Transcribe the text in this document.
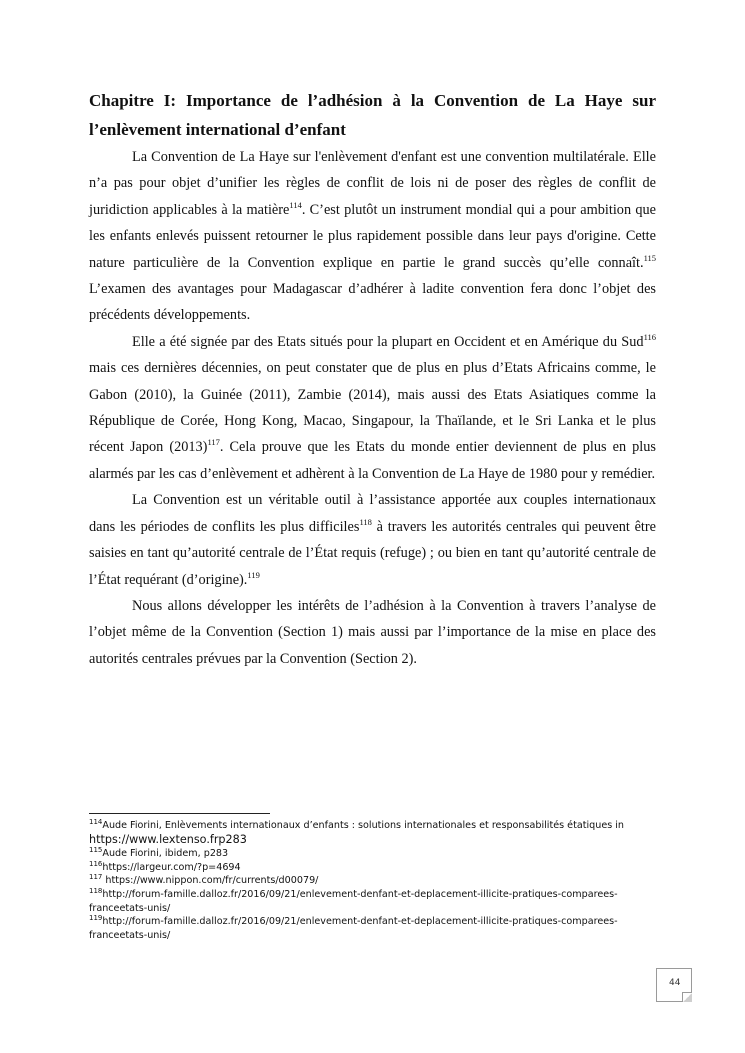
Chapitre I: Importance de l’adhésion à la Convention de La Haye sur l’enlèvement international d’enfant

La Convention de La Haye sur l'enlèvement d'enfant est une convention multilatérale. Elle n’a pas pour objet d’unifier les règles de conflit de lois ni de poser des règles de conflit de juridiction applicables à la matière$^{114}$. C’est plutôt un instrument mondial qui a pour ambition que les enfants enlevés puissent retourner le plus rapidement possible dans leur pays d'origine. Cette nature particulière de la Convention explique en partie le grand succès qu’elle connaît.$^{115}$ L’examen des avantages pour Madagascar d’adhérer à ladite convention fera donc l’objet des précédents développements.

Elle a été signée par des Etats situés pour la plupart en Occident et en Amérique du Sud$^{116}$ mais ces dernières décennies, on peut constater que de plus en plus d’Etats Africains comme, le Gabon (2010), la Guinée (2011), Zambie (2014), mais aussi des Etats Asiatiques comme la République de Corée, Hong Kong, Macao, Singapour, la Thaïlande, et le Sri Lanka et le plus récent Japon $(2013)^{117}$. Cela prouve que les Etats du monde entier deviennent de plus en plus alarmés par les cas d’enlèvement et adhèrent à la Convention de La Haye de 1980 pour y remédier.

La Convention est un véritable outil à l’assistance apportée aux couples internationaux dans les périodes de conflits les plus difficiles$^{118}$ à travers les autorités centrales qui peuvent être saisies en tant qu’autorité centrale de l’État requis (refuge) ; ou bien en tant qu’autorité centrale de l’État requérant (d’origine).$^{119}$

Nous allons développer les intérêts de l’adhésion à la Convention à travers l’analyse de l’objet même de la Convention (Section 1) mais aussi par l’importance de la mise en place des autorités centrales prévues par la Convention (Section 2).

$^{114}$Aude Fiorini, Enlèvements internationaux d’enfants : solutions internationales et responsabilités étatiques in https://www.lextenso.frp283

$^{115}$Aude Fiorini, ibidem, p283

$^{116}$https://largeur.com/?p=4694

$^{117}$ https://www.nippon.com/fr/currents/d00079/

$^{118}$http://forum-famille.dalloz.fr/2016/09/21/enlevement-denfant-et-deplacement-illicite-pratiques-comparees-franceetats-unis/

$^{119}$http://forum-famille.dalloz.fr/2016/09/21/enlevement-denfant-et-deplacement-illicite-pratiques-comparees-franceetats-unis/

44
